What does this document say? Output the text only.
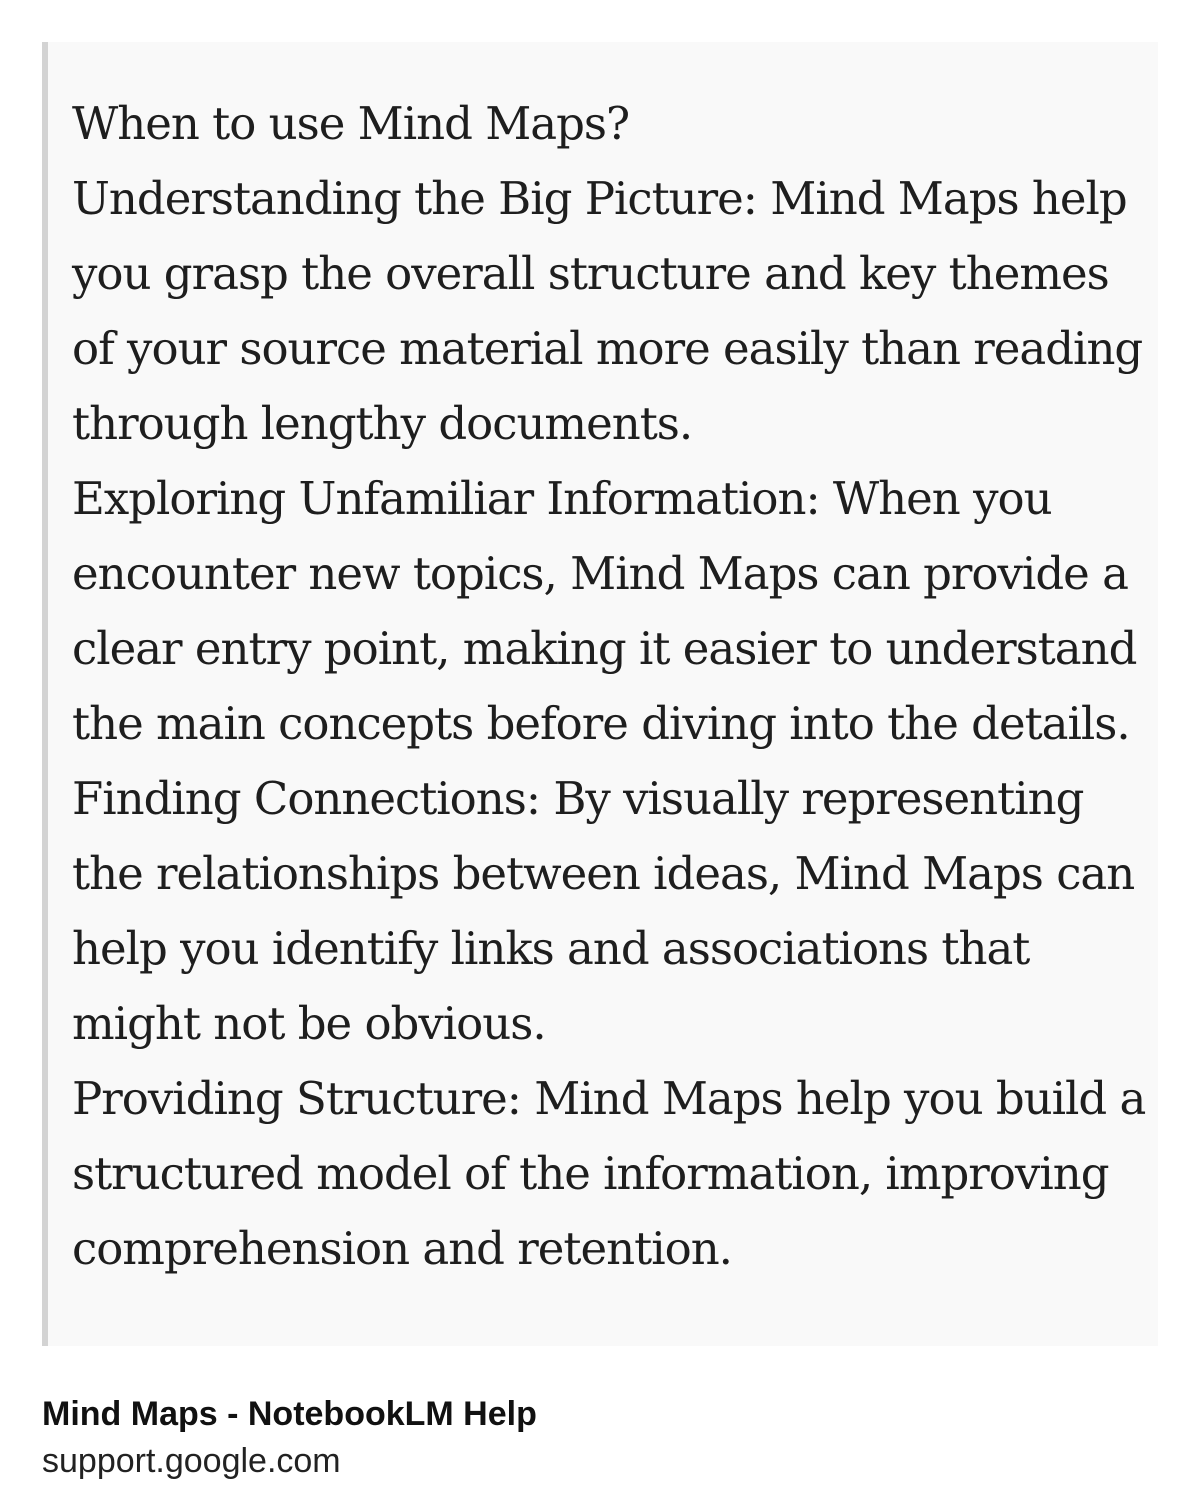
When to use Mind Maps?

Understanding the Big Picture: Mind Maps help you grasp the overall structure and key themes of your source material more easily than reading through lengthy documents.

Exploring Unfamiliar Information: When you encounter new topics, Mind Maps can provide a clear entry point, making it easier to understand the main concepts before diving into the details.

Finding Connections: By visually representing the relationships between ideas, Mind Maps can help you identify links and associations that might not be obvious.

Providing Structure: Mind Maps help you build a structured model of the information, improving comprehension and retention.

Mind Maps - NotebookLM Help
support.google.com
